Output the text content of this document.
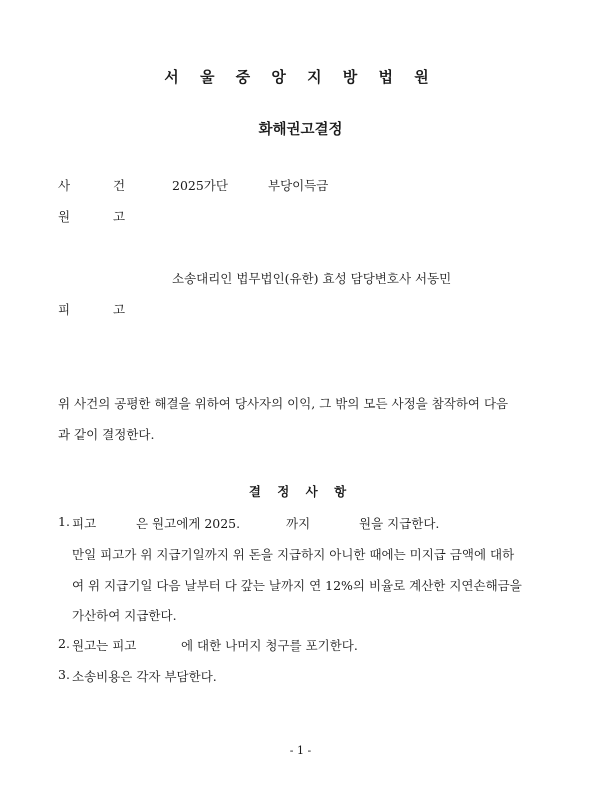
서 울 중 앙 지 방 법 원
화해권고결정
사	건	2025가단	부당이득금
원	고
소송대리인 법무법인(유한) 효성 담당변호사 서동민
피	고
위 사건의 공평한 해결을 위하여 당사자의 이익, 그 밖의 모든 사정을 참작하여 다음
과 같이 결정한다.
결 정 사 항
1. 피고	은 원고에게 2025.	까지	원을 지급한다.
만일 피고가 위 지급기일까지 위 돈을 지급하지 아니한 때에는 미지급 금액에 대하
여 위 지급기일 다음 날부터 다 갚는 날까지 연 12%의 비율로 계산한 지연손해금을
가산하여 지급한다.
2. 원고는 피고	에 대한 나머지 청구를 포기한다.
3. 소송비용은 각자 부담한다.
- 1 -
